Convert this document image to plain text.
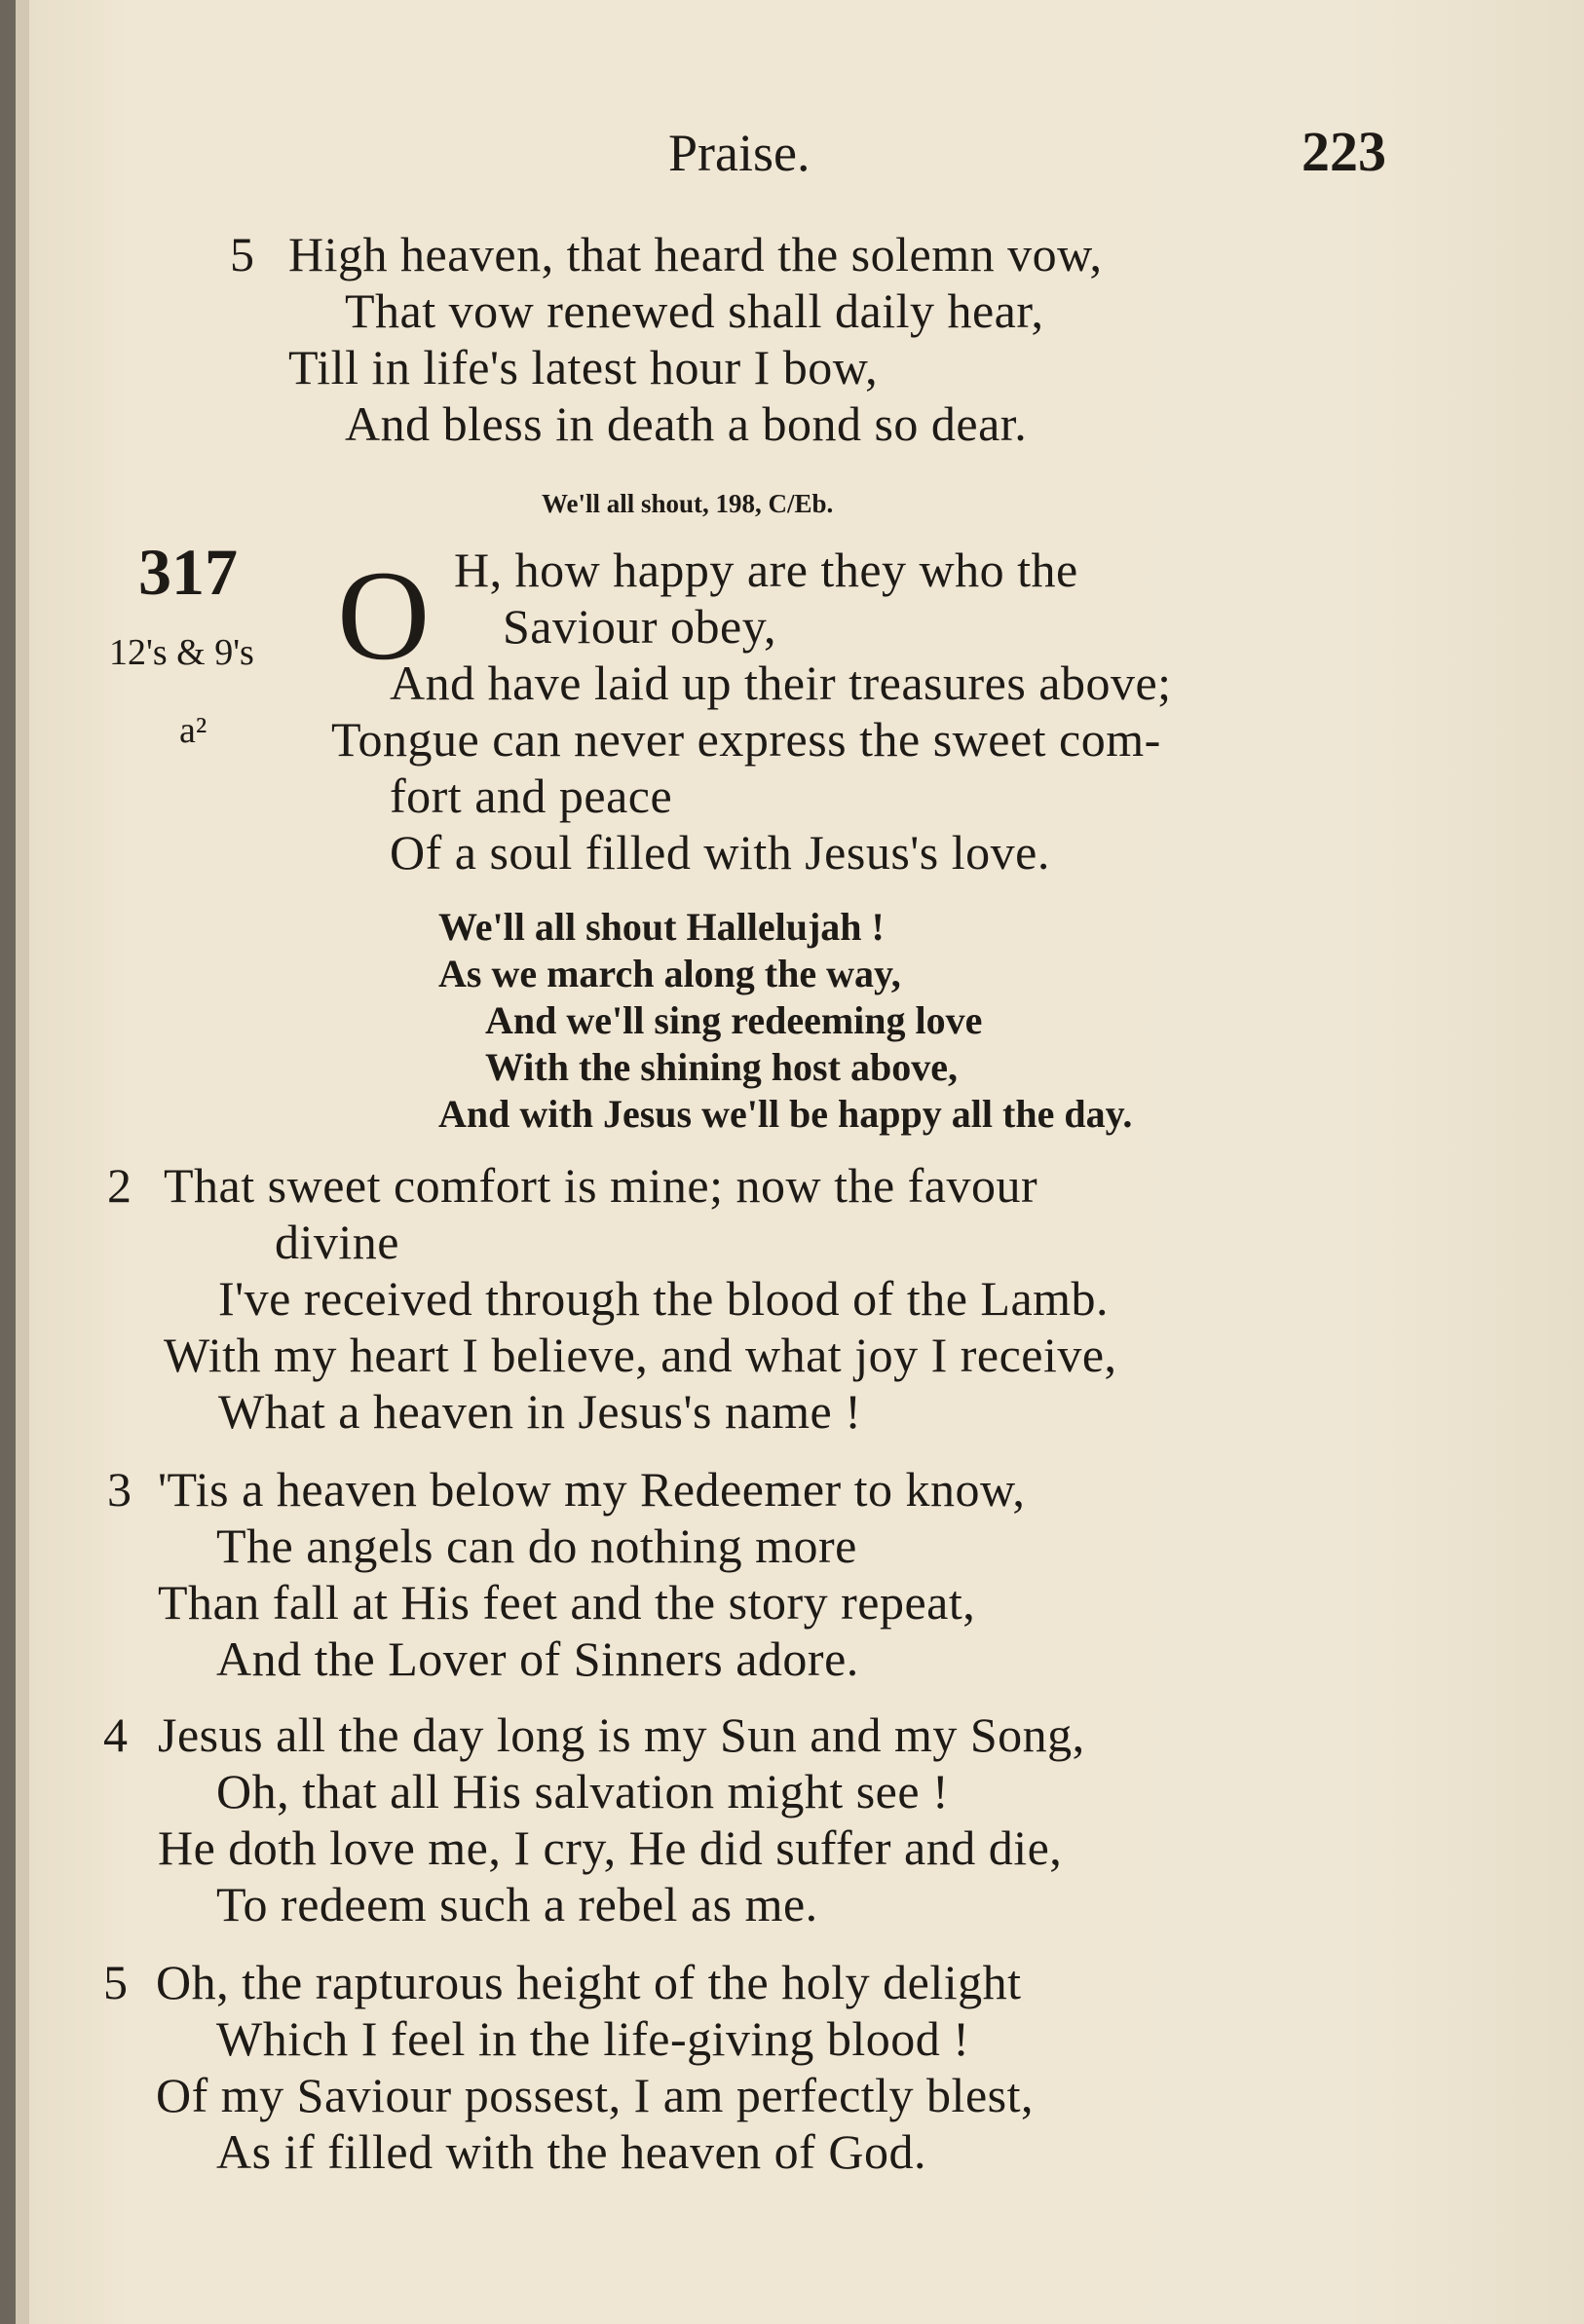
Praise.	223
5 High heaven, that heard the solemn vow,
That vow renewed shall daily hear,
Till in life's latest hour I bow,
And bless in death a bond so dear.
We'll all shout, 198, C/Eb.
317
12's & 9's
a²
O H, how happy are they who the
Saviour obey,
And have laid up their treasures above;
Tongue can never express the sweet com-
fort and peace
Of a soul filled with Jesus's love.
We'll all shout Hallelujah !
As we march along the way,
And we'll sing redeeming love
With the shining host above,
And with Jesus we'll be happy all the day.
2 That sweet comfort is mine; now the favour
divine
I've received through the blood of the Lamb.
With my heart I believe, and what joy I receive,
What a heaven in Jesus's name !
3 'Tis a heaven below my Redeemer to know,
The angels can do nothing more
Than fall at His feet and the story repeat,
And the Lover of Sinners adore.
4 Jesus all the day long is my Sun and my Song,
Oh, that all His salvation might see !
He doth love me, I cry, He did suffer and die,
To redeem such a rebel as me.
5 Oh, the rapturous height of the holy delight
Which I feel in the life-giving blood !
Of my Saviour possest, I am perfectly blest,
As if filled with the heaven of God.
